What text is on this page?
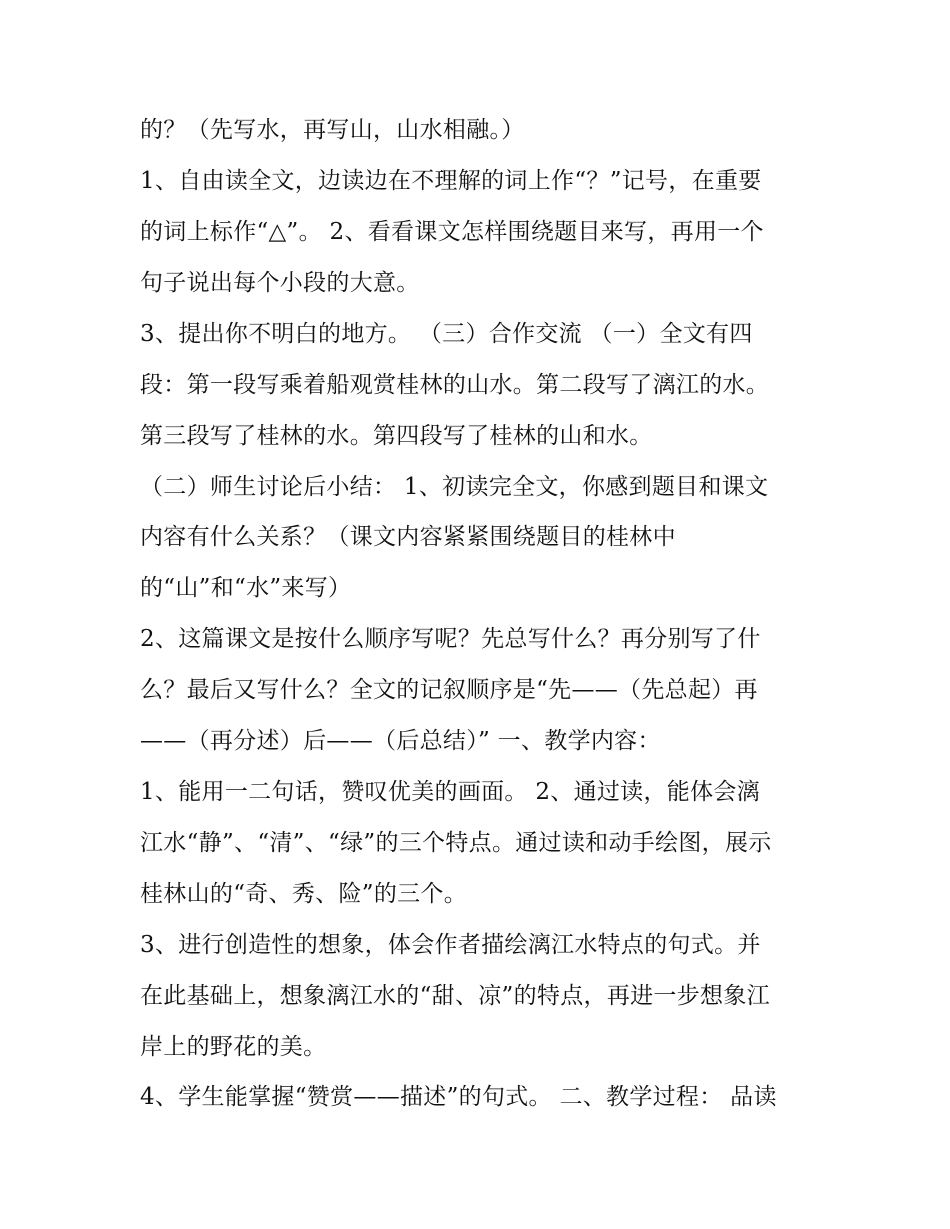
的？（先写水，再写山，山水相融。）
1、自由读全文，边读边在不理解的词上作“？”记号，在重要
的词上标作“△”。 2、看看课文怎样围绕题目来写，再用一个
句子说出每个小段的大意。
3、提出你不明白的地方。 （三）合作交流 （一）全文有四
段：第一段写乘着船观赏桂林的山水。第二段写了漓江的水。
第三段写了桂林的水。第四段写了桂林的山和水。
（二）师生讨论后小结： 1、初读完全文，你感到题目和课文
内容有什么关系？（课文内容紧紧围绕题目的桂林中
的“山”和“水”来写）
2、这篇课文是按什么顺序写呢？先总写什么？再分别写了什
么？最后又写什么？全文的记叙顺序是“先——（先总起）再
——（再分述）后——（后总结）” 一、教学内容：
1、能用一二句话，赞叹优美的画面。 2、通过读，能体会漓
江水“静”、“清”、“绿”的三个特点。通过读和动手绘图，展示
桂林山的“奇、秀、险”的三个。
3、进行创造性的想象，体会作者描绘漓江水特点的句式。并
在此基础上，想象漓江水的“甜、凉”的特点，再进一步想象江
岸上的野花的美。
4、学生能掌握“赞赏——描述”的句式。 二、教学过程： 品读
